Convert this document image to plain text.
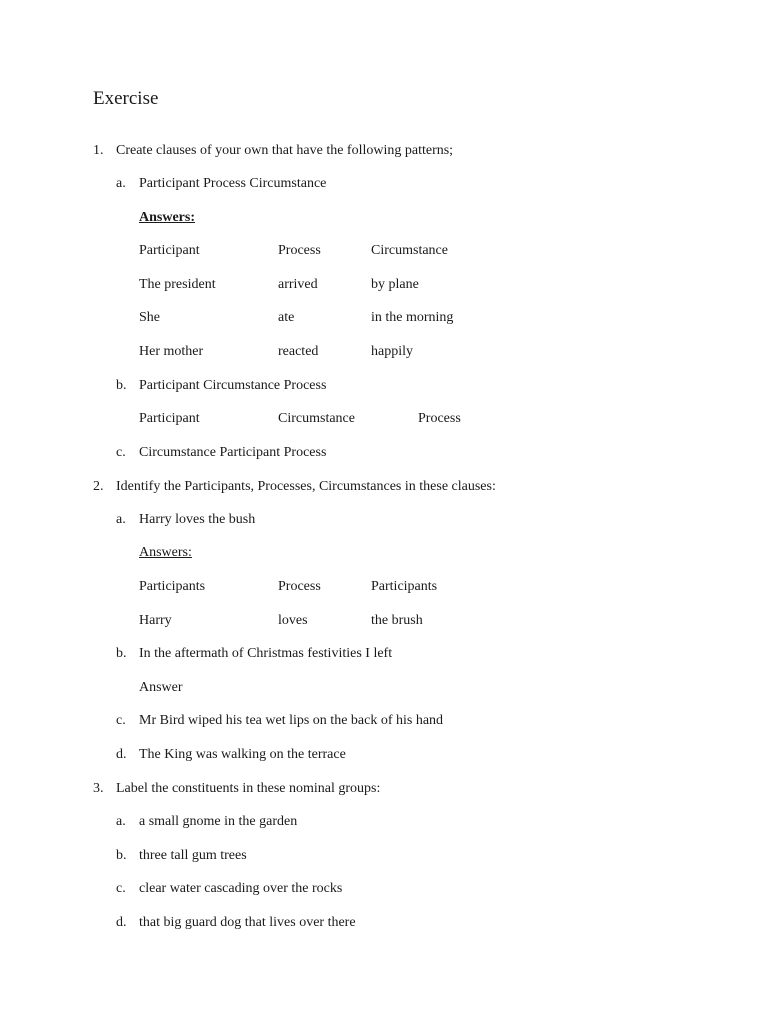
Exercise
1. Create clauses of your own that have the following patterns;
a. Participant Process Circumstance
Answers:
Participant	Process	Circumstance
The president	arrived	by plane
She	ate	in the morning
Her mother	reacted	happily
b. Participant Circumstance Process
Participant	Circumstance	Process
c. Circumstance Participant Process
2. Identify the Participants, Processes, Circumstances in these clauses:
a. Harry loves the bush
Answers:
Participants	Process	Participants
Harry	loves	the brush
b. In the aftermath of Christmas festivities I left
Answer
c. Mr Bird wiped his tea wet lips on the back of his hand
d. The King was walking on the terrace
3. Label the constituents in these nominal groups:
a. a small gnome in the garden
b. three tall gum trees
c. clear water cascading over the rocks
d. that big guard dog that lives over there
